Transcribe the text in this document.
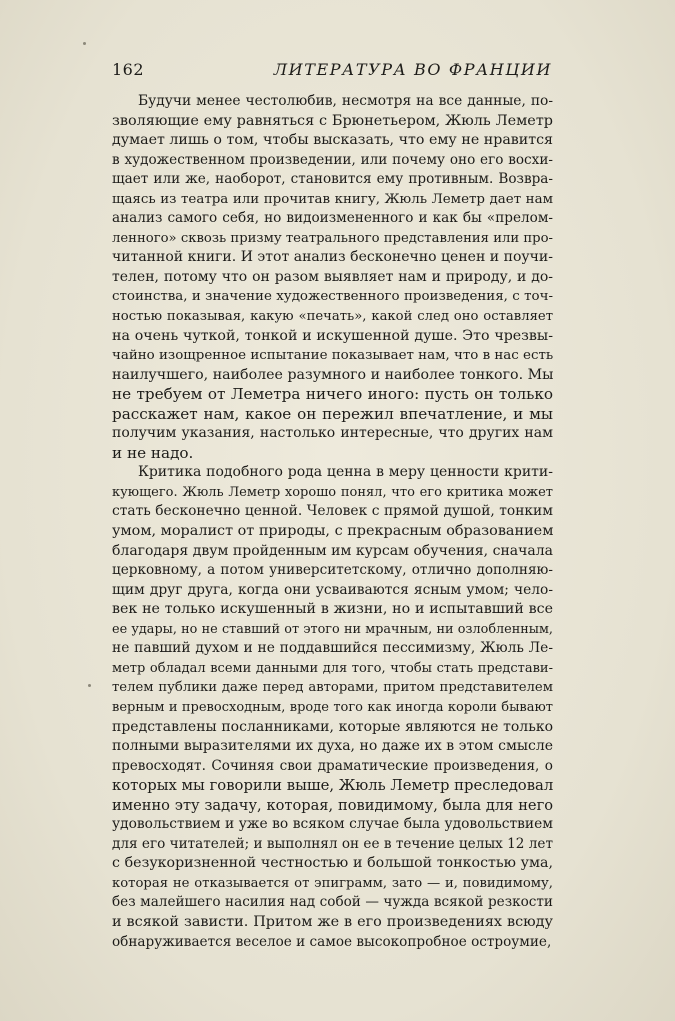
162	ЛИТЕРАТУРА ВО ФРАНЦИИ
Будучи менее честолюбив, несмотря на все данные, по-
зволяющие ему равняться с Брюнетьером, Жюль Леметр
думает лишь о том, чтобы высказать, что ему не нравится
в художественном произведении, или почему оно его восхи-
щает или же, наоборот, становится ему противным. Возвра-
щаясь из театра или прочитав книгу, Жюль Леметр дает нам
анализ самого себя, но видоизмененного и как бы «прелом-
ленного» сквозь призму театрального представления или про-
читанной книги. И этот анализ бесконечно ценен и поучи-
телен, потому что он разом выявляет нам и природу, и до-
стоинства, и значение художественного произведения, с точ-
ностью показывая, какую «печать», какой след оно оставляет
на очень чуткой, тонкой и искушенной душе. Это чрезвы-
чайно изощренное испытание показывает нам, что в нас есть
наилучшего, наиболее разумного и наиболее тонкого. Мы
не требуем от Леметра ничего иного: пусть он только
расскажет нам, какое он пережил впечатление, и мы
получим указания, настолько интересные, что других нам
и не надо.
Критика подобного рода ценна в меру ценности крити-
кующего. Жюль Леметр хорошо понял, что его критика может
стать бесконечно ценной. Человек с прямой душой, тонким
умом, моралист от природы, с прекрасным образованием
благодаря двум пройденным им курсам обучения, сначала
церковному, а потом университетскому, отлично дополняю-
щим друг друга, когда они усваиваются ясным умом; чело-
век не только искушенный в жизни, но и испытавший все
ее удары, но не ставший от этого ни мрачным, ни озлобленным,
не павший духом и не поддавшийся пессимизму, Жюль Ле-
метр обладал всеми данными для того, чтобы стать представи-
телем публики даже перед авторами, притом представителем
верным и превосходным, вроде того как иногда короли бывают
представлены посланниками, которые являются не только
полными выразителями их духа, но даже их в этом смысле
превосходят. Сочиняя свои драматические произведения, о
которых мы говорили выше, Жюль Леметр преследовал
именно эту задачу, которая, повидимому, была для него
удовольствием и уже во всяком случае была удовольствием
для его читателей; и выполнял он ее в течение целых 12 лет
с безукоризненной честностью и большой тонкостью ума,
которая не отказывается от эпиграмм, зато — и, повидимому,
без малейшего насилия над собой — чужда всякой резкости
и всякой зависти. Притом же в его произведениях всюду
обнаруживается веселое и самое высокопробное остроумие,
